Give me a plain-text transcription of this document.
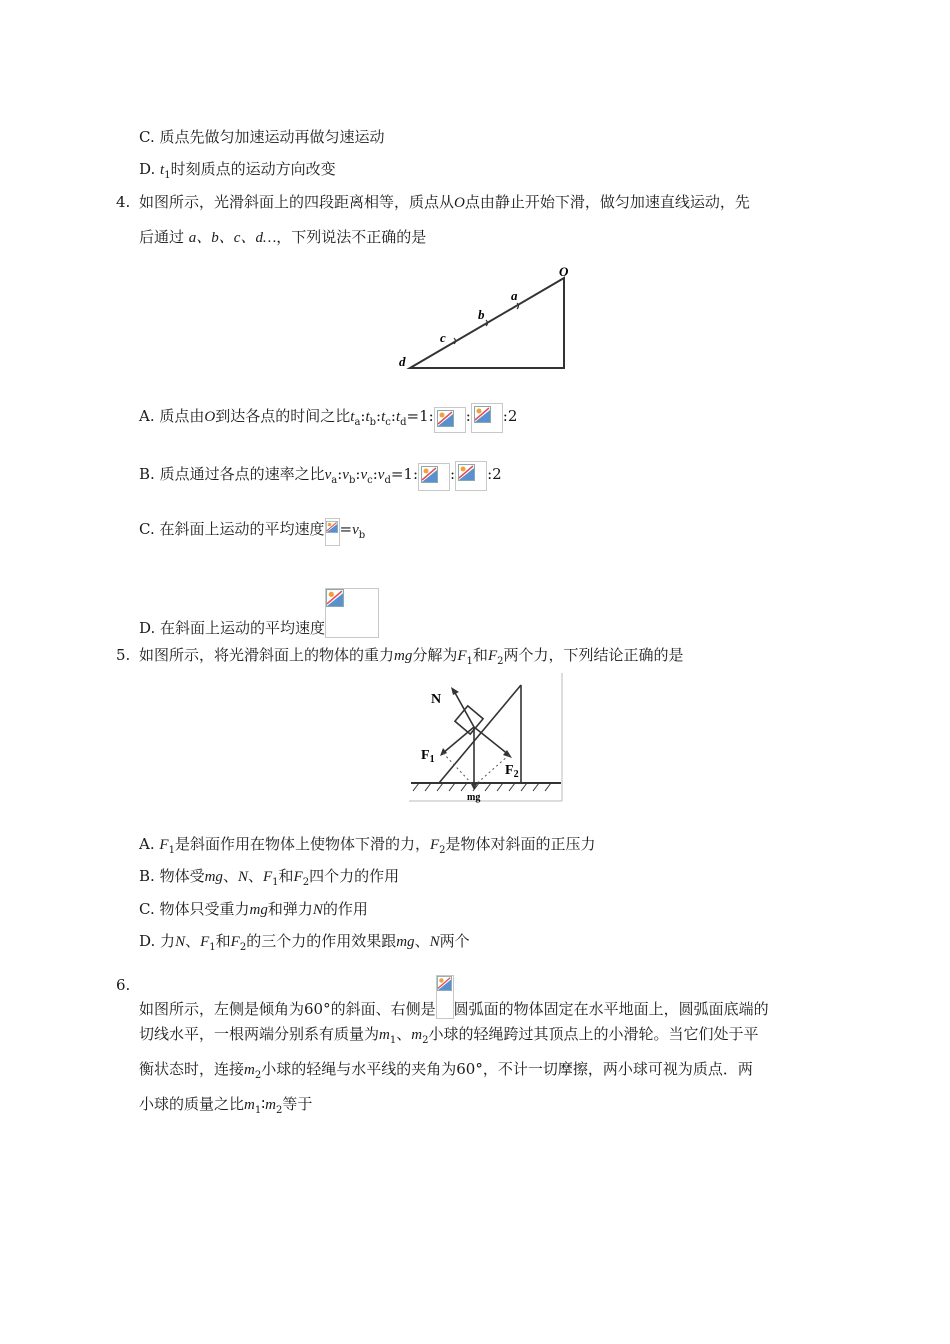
C. 质点先做匀加速运动再做匀速运动
D. $t_1$时刻质点的运动方向改变
4. 如图所示，光滑斜面上的四段距离相等，质点从O点由静止开始下滑，做匀加速直线运动，先
后通过 a、b、c、d…，下列说法不正确的是
O
a
b
c
d
A. 质点由O到达各点的时间之比$t_a:t_b:t_c:t_d=1$: : :2
B. 质点通过各点的速率之比$v_a:v_b:v_c:v_d=1$: : :2
C. 在斜面上运动的平均速度 $=v_b$
D. 在斜面上运动的平均速度
5. 如图所示，将光滑斜面上的物体的重力mg分解为$F_1$和$F_2$两个力，下列结论正确的是
N
$F_1$
$F_2$
mg
A. $F_1$是斜面作用在物体上使物体下滑的力，$F_2$是物体对斜面的正压力
B. 物体受mg、N、$F_1$和$F_2$四个力的作用
C. 物体只受重力mg和弹力N的作用
D. 力N、$F_1$和$F_2$的三个力的作用效果跟mg、N两个
6.
如图所示，左侧是倾角为60°的斜面、右侧是 圆弧面的物体固定在水平地面上，圆弧面底端的
切线水平，一根两端分别系有质量为$m_1$、$m_2$小球的轻绳跨过其顶点上的小滑轮。当它们处于平
衡状态时，连接$m_2$小球的轻绳与水平线的夹角为60°，不计一切摩擦，两小球可视为质点．两
小球的质量之比$m_1∶m_2$等于
